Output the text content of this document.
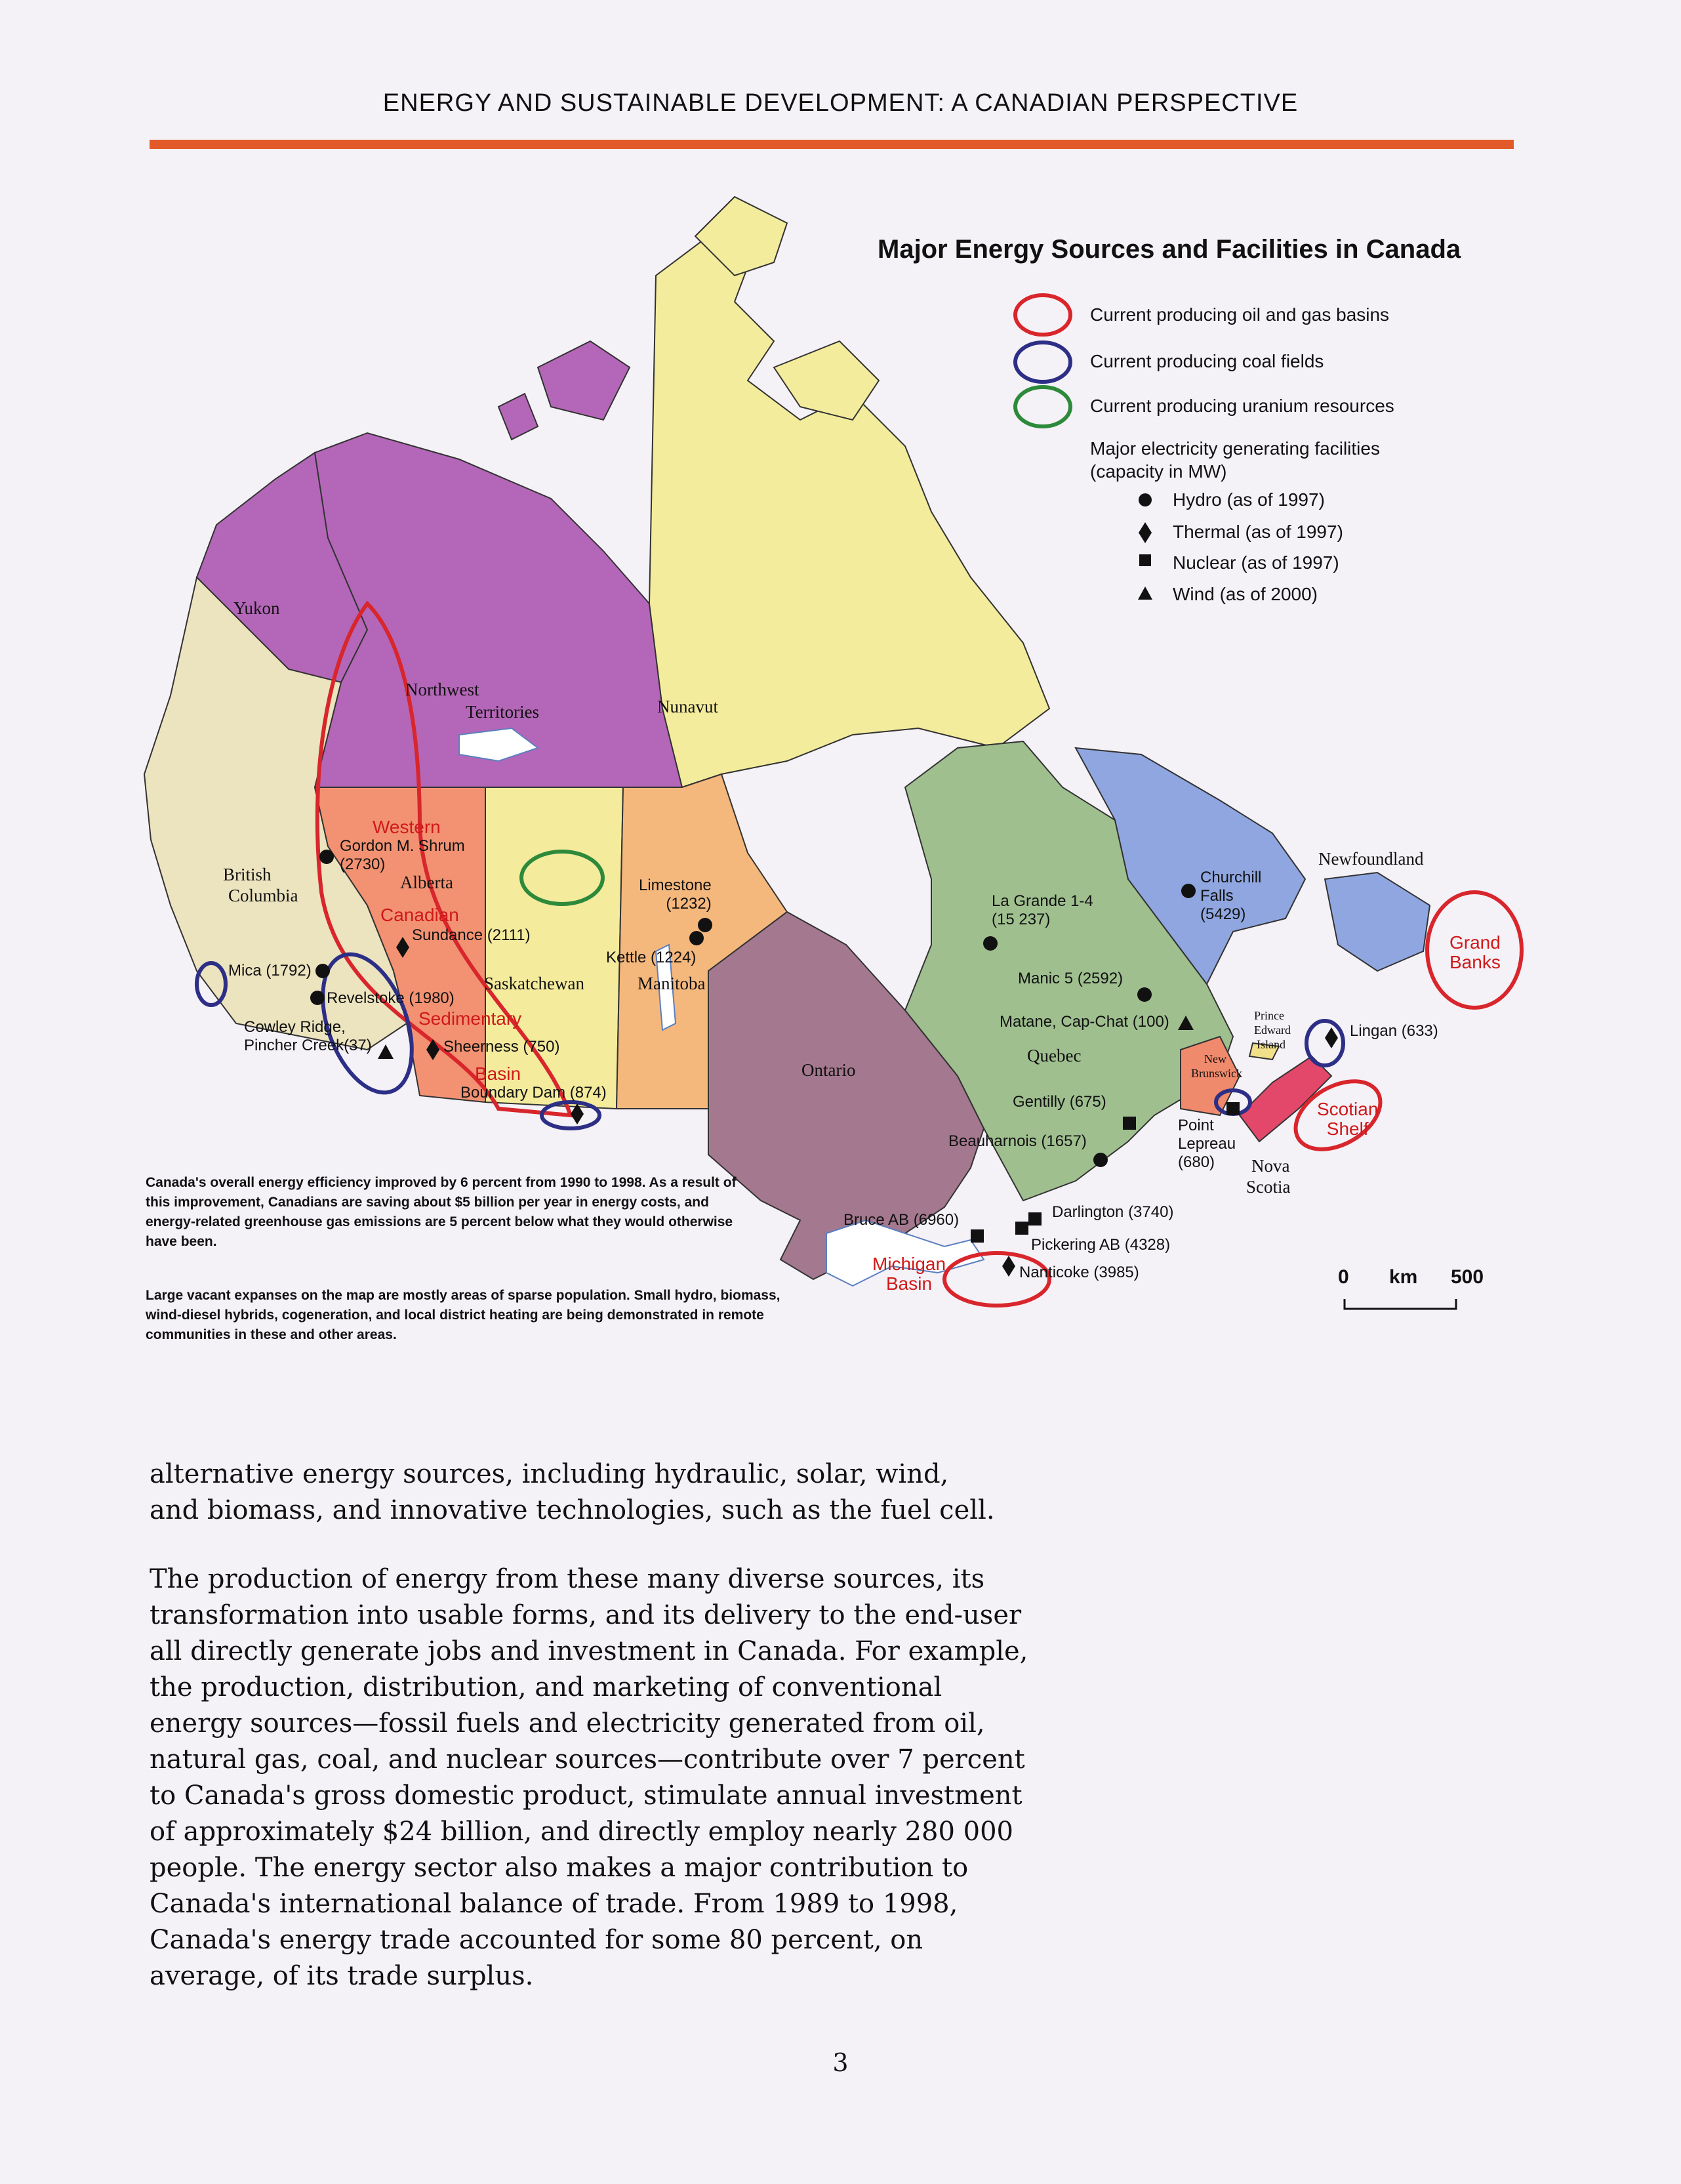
ENERGY AND SUSTAINABLE DEVELOPMENT: A CANADIAN PERSPECTIVE
Major Energy Sources and Facilities in Canada
Current producing oil and gas basins
Current producing coal fields
Current producing uranium resources
Major electricity generating facilities
(capacity in MW)
Hydro (as of 1997)
Thermal (as of 1997)
Nuclear (as of 1997)
Wind (as of 2000)
Yukon
Northwest
Territories	Nunavut
British
Columbia
Alberta
Saskatchewan	Manitoba
Ontario
Quebec
Newfoundland
Prince
Edward
Island
New
Brunswick
Nova
Scotia
Western
Canadian
Sedimentary
Basin
Grand
Banks
Scotian
Shelf
Michigan
Basin
Gordon M. Shrum
(2730)
Limestone
(1232)
Kettle (1224)
Sundance (2111)
Mica (1792)
Revelstoke (1980)
Cowley Ridge,
Pincher Creek(37)	Sheerness (750)
Boundary Dam (874)
La Grande 1-4
(15 237)
Churchill
Falls
(5429)
Manic 5 (2592)
Matane, Cap-Chat (100)
Gentilly (675)
Beauharnois (1657)
Point
Lepreau
(680)
Lingan (633)
Bruce AB (6960)	Darlington (3740)
Pickering AB (4328)
Nanticoke (3985)	0 km 500
Canada's overall energy efficiency improved by 6 percent from 1990 to 1998. As a result of this improvement, Canadians are saving about $5 billion per year in energy costs, and energy-related greenhouse gas emissions are 5 percent below what they would otherwise have been.
Large vacant expanses on the map are mostly areas of sparse population. Small hydro, biomass, wind-diesel hybrids, cogeneration, and local district heating are being demonstrated in remote communities in these and other areas.
alternative energy sources, including hydraulic, solar, wind, and biomass, and innovative technologies, such as the fuel cell.
The production of energy from these many diverse sources, its transformation into usable forms, and its delivery to the end-user all directly generate jobs and investment in Canada. For example, the production, distribution, and marketing of conventional energy sources—fossil fuels and electricity generated from oil, natural gas, coal, and nuclear sources—contribute over 7 percent to Canada's gross domestic product, stimulate annual investment of approximately $24 billion, and directly employ nearly 280 000 people. The energy sector also makes a major contribution to Canada's international balance of trade. From 1989 to 1998, Canada's energy trade accounted for some 80 percent, on average, of its trade surplus.
3
